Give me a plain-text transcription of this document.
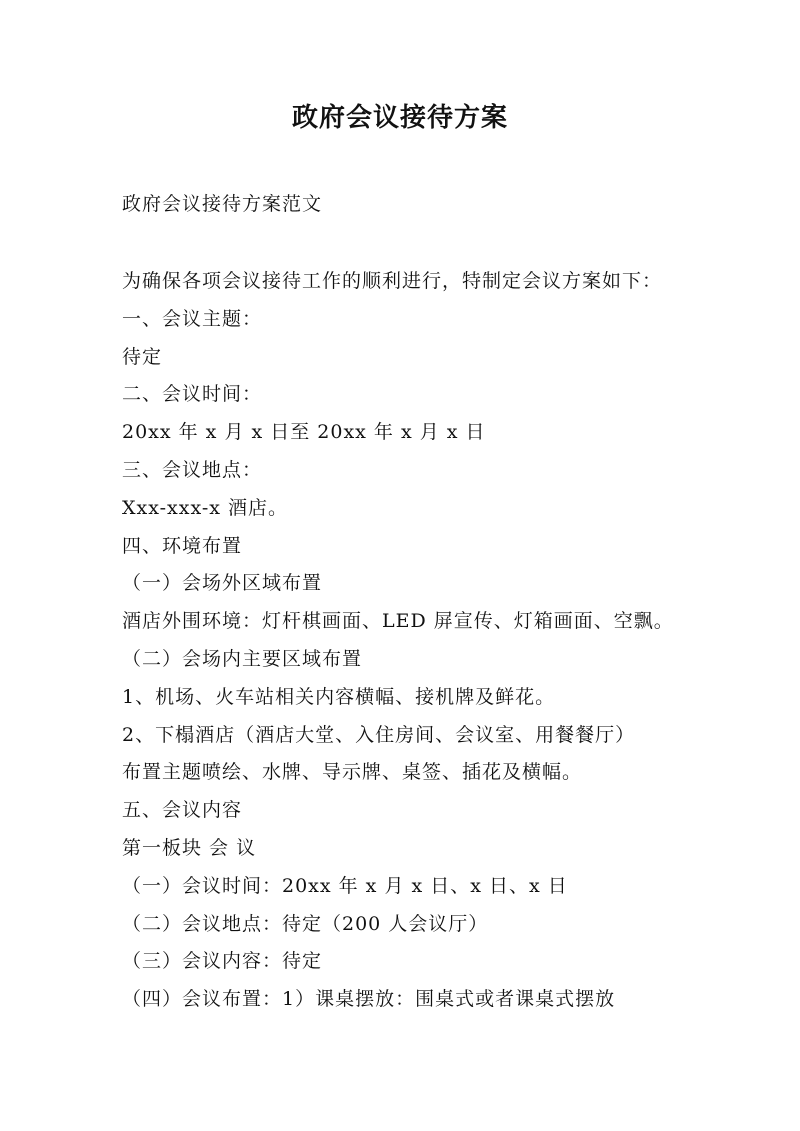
政府会议接待方案
政府会议接待方案范文
为确保各项会议接待工作的顺利进行，特制定会议方案如下：
一、会议主题：
待定
二、会议时间：
20xx 年 x 月 x 日至 20xx 年 x 月 x 日
三、会议地点：
Xxx-xxx-x 酒店。
四、环境布置
（一）会场外区域布置
酒店外围环境：灯杆棋画面、LED 屏宣传、灯箱画面、空飘。
（二）会场内主要区域布置
1、机场、火车站相关内容横幅、接机牌及鲜花。
2、下榻酒店（酒店大堂、入住房间、会议室、用餐餐厅）
布置主题喷绘、水牌、导示牌、桌签、插花及横幅。
五、会议内容
第一板块 会 议
（一）会议时间：20xx 年 x 月 x 日、x 日、x 日
（二）会议地点：待定（200 人会议厅）
（三）会议内容：待定
（四）会议布置：1）课桌摆放：围桌式或者课桌式摆放
